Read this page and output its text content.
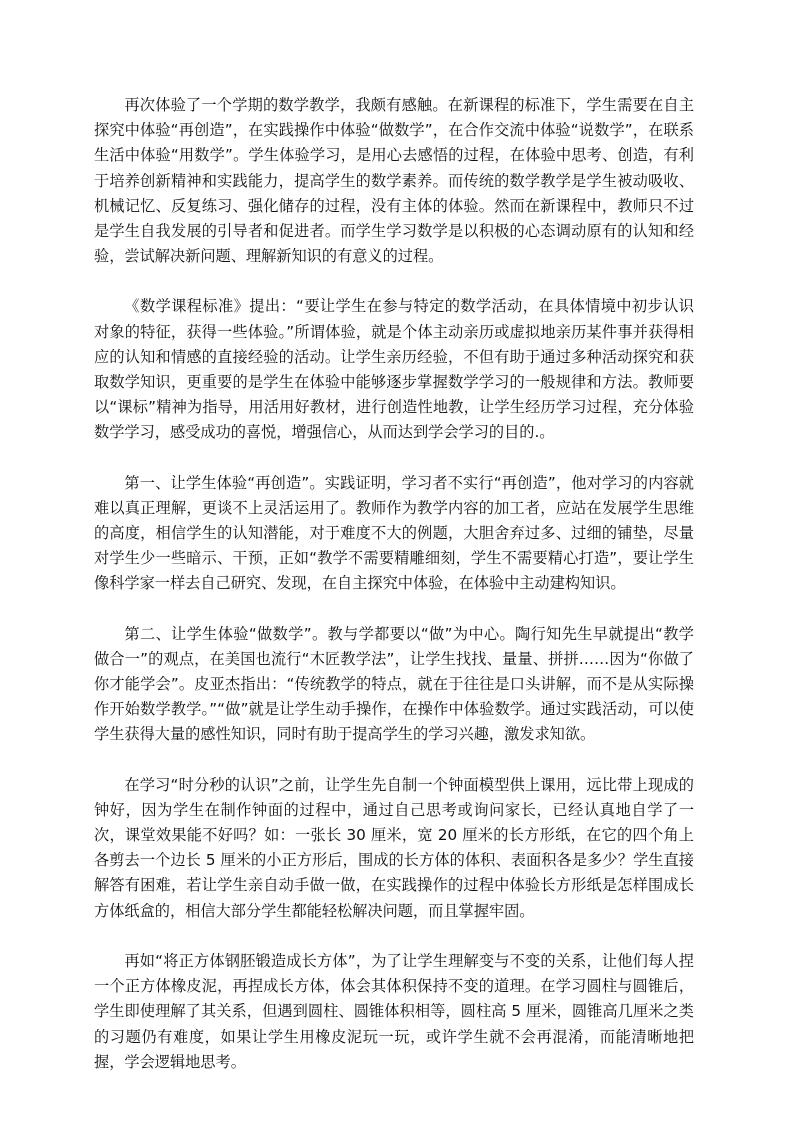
再次体验了一个学期的数学教学，我颇有感触。在新课程的标准下，学生需要在自主探究中体验“再创造”，在实践操作中体验“做数学”，在合作交流中体验“说数学”，在联系生活中体验“用数学”。学生体验学习，是用心去感悟的过程，在体验中思考、创造，有利于培养创新精神和实践能力，提高学生的数学素养。而传统的数学教学是学生被动吸收、机械记忆、反复练习、强化储存的过程，没有主体的体验。然而在新课程中，教师只不过是学生自我发展的引导者和促进者。而学生学习数学是以积极的心态调动原有的认知和经验，尝试解决新问题、理解新知识的有意义的过程。

《数学课程标准》提出：“要让学生在参与特定的数学活动，在具体情境中初步认识对象的特征，获得一些体验。”所谓体验，就是个体主动亲历或虚拟地亲历某件事并获得相应的认知和情感的直接经验的活动。让学生亲历经验，不但有助于通过多种活动探究和获取数学知识，更重要的是学生在体验中能够逐步掌握数学学习的一般规律和方法。教师要以“课标”精神为指导，用活用好教材，进行创造性地教，让学生经历学习过程，充分体验数学学习，感受成功的喜悦，增强信心，从而达到学会学习的目的.。

第一、让学生体验“再创造”。实践证明，学习者不实行“再创造”，他对学习的内容就难以真正理解，更谈不上灵活运用了。教师作为教学内容的加工者，应站在发展学生思维的高度，相信学生的认知潜能，对于难度不大的例题，大胆舍弃过多、过细的铺垫，尽量对学生少一些暗示、干预，正如“教学不需要精雕细刻，学生不需要精心打造”，要让学生像科学家一样去自己研究、发现，在自主探究中体验，在体验中主动建构知识。

第二、让学生体验“做数学”。教与学都要以“做”为中心。陶行知先生早就提出“教学做合一”的观点，在美国也流行“木匠教学法”，让学生找找、量量、拼拼……因为“你做了你才能学会”。皮亚杰指出：“传统教学的特点，就在于往往是口头讲解，而不是从实际操作开始数学教学。”“做”就是让学生动手操作，在操作中体验数学。通过实践活动，可以使学生获得大量的感性知识，同时有助于提高学生的学习兴趣，激发求知欲。

在学习“时分秒的认识”之前，让学生先自制一个钟面模型供上课用，远比带上现成的钟好，因为学生在制作钟面的过程中，通过自己思考或询问家长，已经认真地自学了一次，课堂效果能不好吗？如：一张长 30 厘米，宽 20 厘米的长方形纸，在它的四个角上各剪去一个边长 5 厘米的小正方形后，围成的长方体的体积、表面积各是多少？学生直接解答有困难，若让学生亲自动手做一做，在实践操作的过程中体验长方形纸是怎样围成长方体纸盒的，相信大部分学生都能轻松解决问题，而且掌握牢固。

再如“将正方体钢胚锻造成长方体”，为了让学生理解变与不变的关系，让他们每人捏一个正方体橡皮泥，再捏成长方体，体会其体积保持不变的道理。在学习圆柱与圆锥后，学生即使理解了其关系，但遇到圆柱、圆锥体积相等，圆柱高 5 厘米，圆锥高几厘米之类的习题仍有难度，如果让学生用橡皮泥玩一玩，或许学生就不会再混淆，而能清晰地把握，学会逻辑地思考。
